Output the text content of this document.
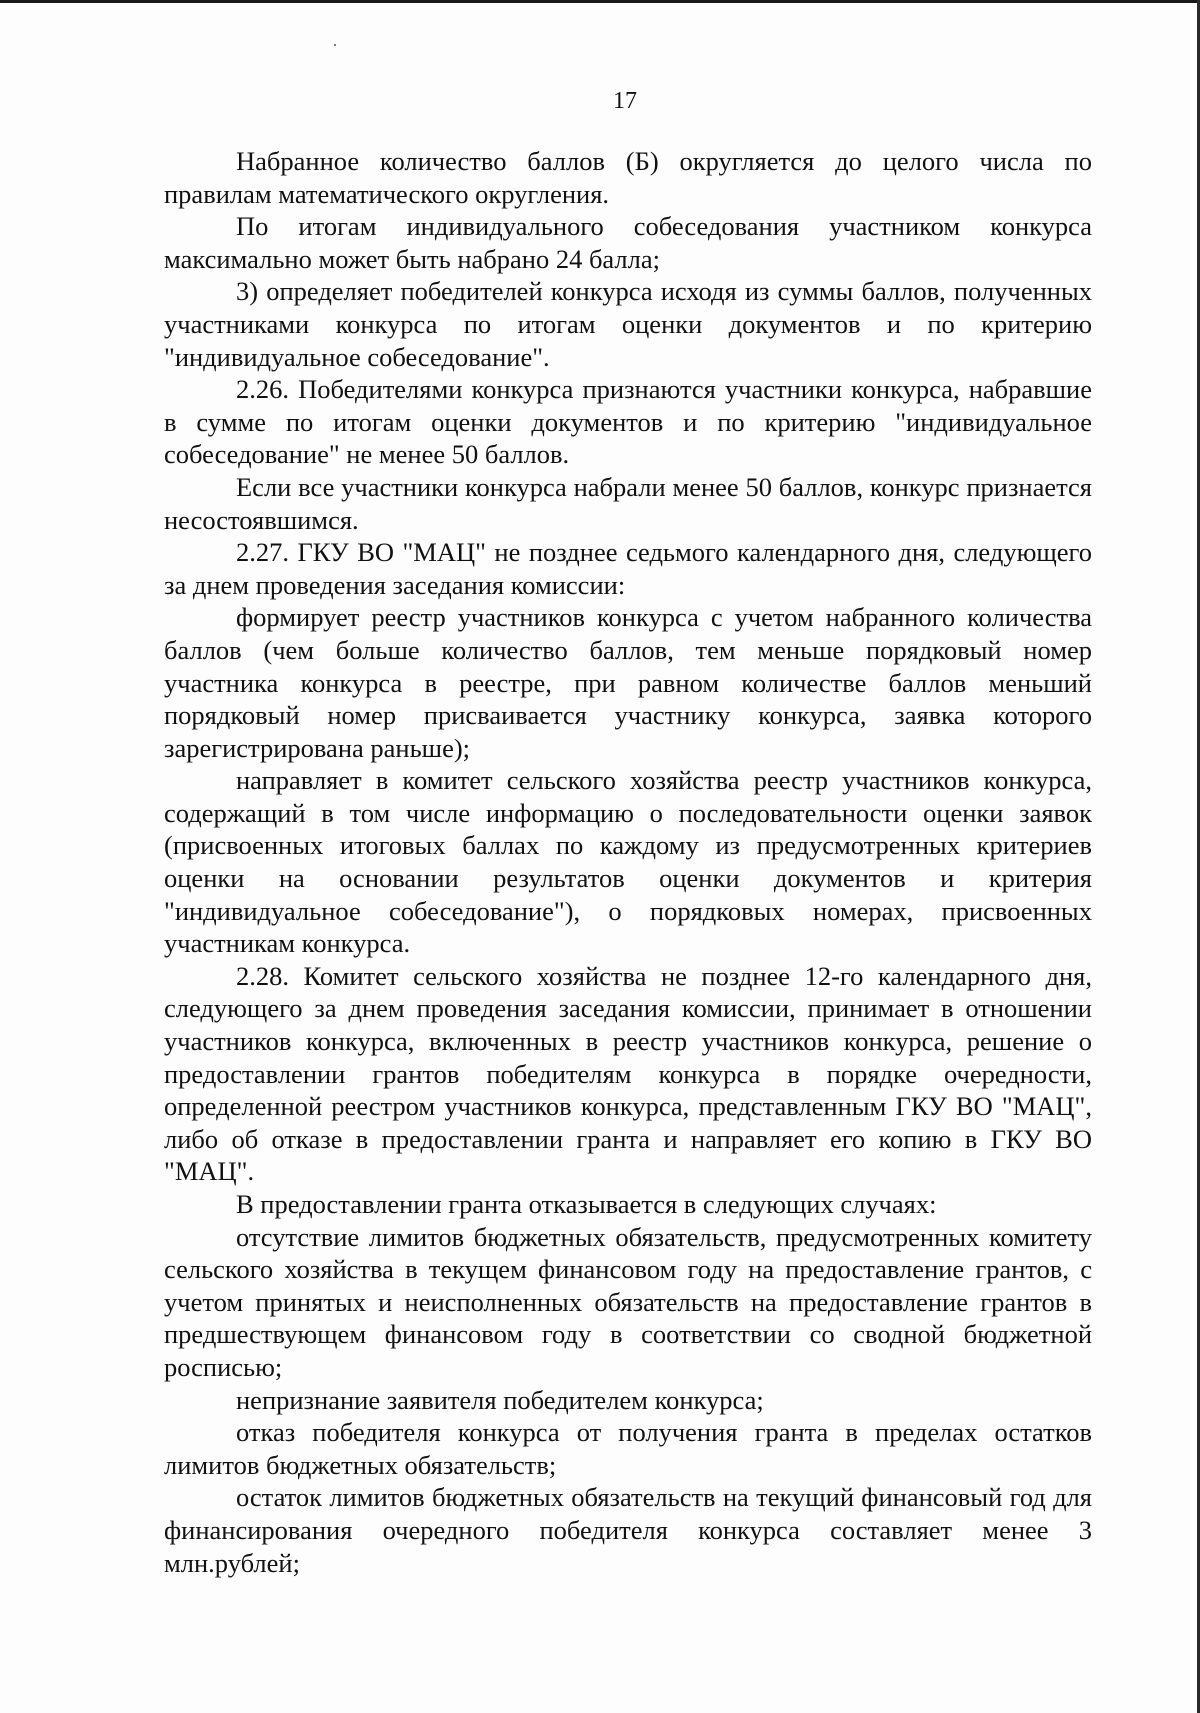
17

Набранное количество баллов (Б) округляется до целого числа по правилам математического округления.

По итогам индивидуального собеседования участником конкурса максимально может быть набрано 24 балла;

3) определяет победителей конкурса исходя из суммы баллов, полученных участниками конкурса по итогам оценки документов и по критерию "индивидуальное собеседование".

2.26. Победителями конкурса признаются участники конкурса, набравшие в сумме по итогам оценки документов и по критерию "индивидуальное собеседование" не менее 50 баллов.

Если все участники конкурса набрали менее 50 баллов, конкурс признается несостоявшимся.

2.27. ГКУ ВО "МАЦ" не позднее седьмого календарного дня, следующего за днем проведения заседания комиссии:

формирует реестр участников конкурса с учетом набранного количества баллов (чем больше количество баллов, тем меньше порядковый номер участника конкурса в реестре, при равном количестве баллов меньший порядковый номер присваивается участнику конкурса, заявка которого зарегистрирована раньше);

направляет в комитет сельского хозяйства реестр участников конкурса, содержащий в том числе информацию о последовательности оценки заявок (присвоенных итоговых баллах по каждому из предусмотренных критериев оценки на основании результатов оценки документов и критерия "индивидуальное собеседование"), о порядковых номерах, присвоенных участникам конкурса.

2.28. Комитет сельского хозяйства не позднее 12-го календарного дня, следующего за днем проведения заседания комиссии, принимает в отношении участников конкурса, включенных в реестр участников конкурса, решение о предоставлении грантов победителям конкурса в порядке очередности, определенной реестром участников конкурса, представленным ГКУ ВО "МАЦ", либо об отказе в предоставлении гранта и направляет его копию в ГКУ ВО "МАЦ".

В предоставлении гранта отказывается в следующих случаях:

отсутствие лимитов бюджетных обязательств, предусмотренных комитету сельского хозяйства в текущем финансовом году на предоставление грантов, с учетом принятых и неисполненных обязательств на предоставление грантов в предшествующем финансовом году в соответствии со сводной бюджетной росписью;

непризнание заявителя победителем конкурса;

отказ победителя конкурса от получения гранта в пределах остатков лимитов бюджетных обязательств;

остаток лимитов бюджетных обязательств на текущий финансовый год для финансирования очередного победителя конкурса составляет менее 3 млн.рублей;
